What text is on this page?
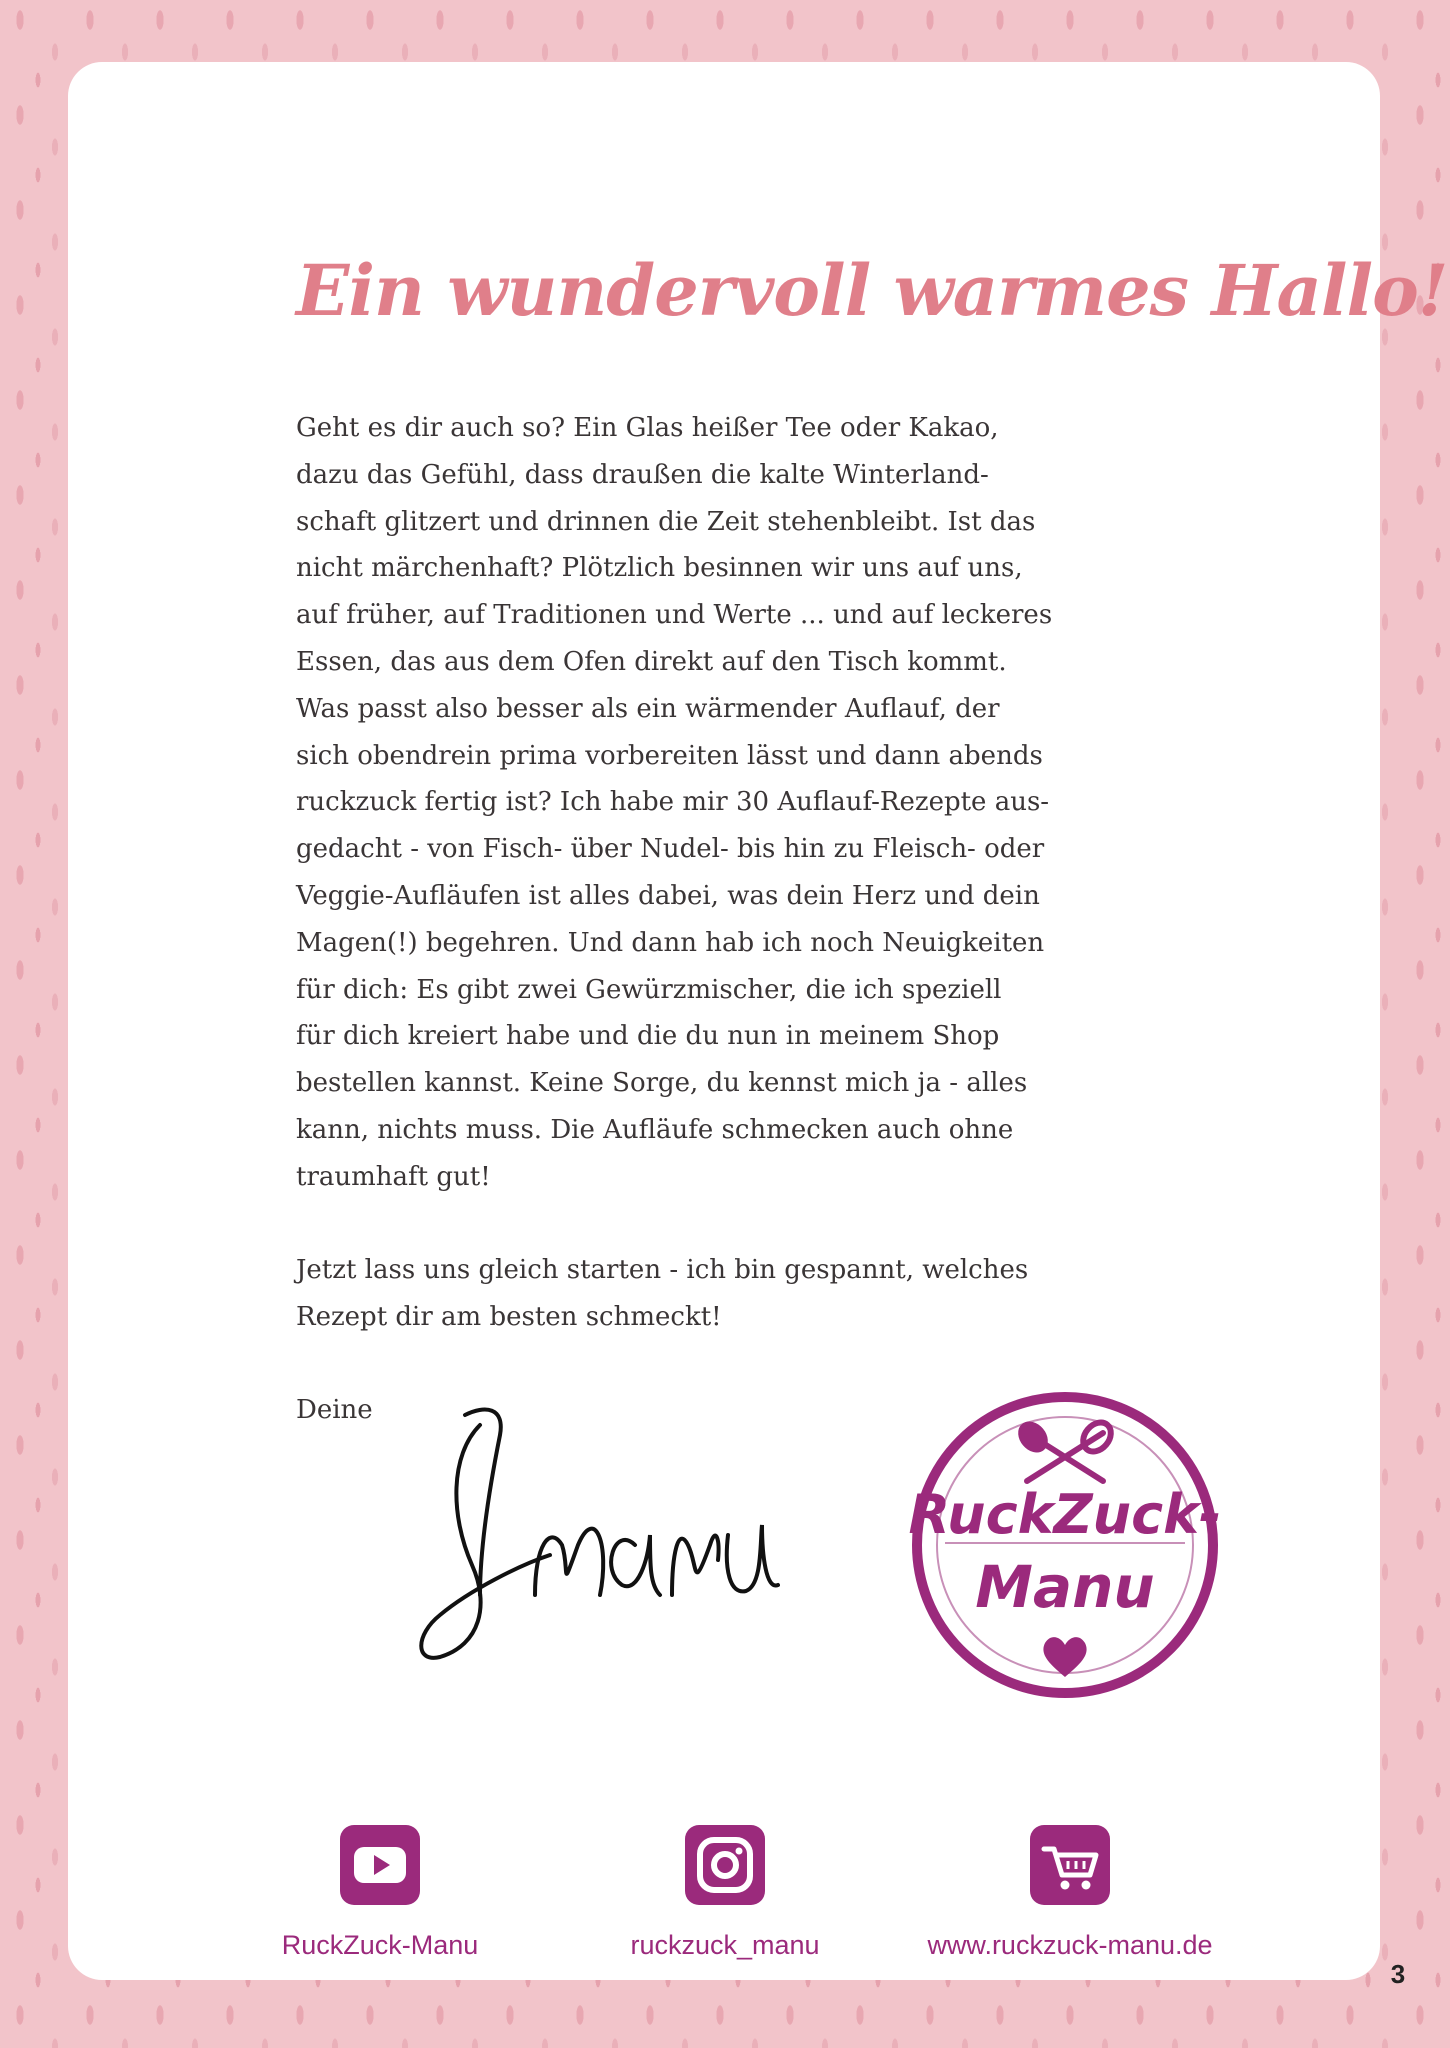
Ein wundervoll warmes Hallo!

Geht es dir auch so? Ein Glas heißer Tee oder Kakao,

dazu das Gefühl, dass draußen die kalte Winterland-

schaft glitzert und drinnen die Zeit stehenbleibt. Ist das

nicht märchenhaft? Plötzlich besinnen wir uns auf uns,

auf früher, auf Traditionen und Werte ... und auf leckeres

Essen, das aus dem Ofen direkt auf den Tisch kommt.

Was passt also besser als ein wärmender Auflauf, der

sich obendrein prima vorbereiten lässt und dann abends

ruckzuck fertig ist? Ich habe mir 30 Auflauf-Rezepte aus-

gedacht - von Fisch- über Nudel- bis hin zu Fleisch- oder

Veggie-Aufläufen ist alles dabei, was dein Herz und dein

Magen(!) begehren. Und dann hab ich noch Neuigkeiten

für dich: Es gibt zwei Gewürzmischer, die ich speziell

für dich kreiert habe und die du nun in meinem Shop

bestellen kannst. Keine Sorge, du kennst mich ja - alles

kann, nichts muss. Die Aufläufe schmecken auch ohne

traumhaft gut!

Jetzt lass uns gleich starten - ich bin gespannt, welches

Rezept dir am besten schmeckt!

Deine

RuckZuck-
Manu
RuckZuck-Manu	ruckzuck_manu	www.ruckzuck-manu.de
3
